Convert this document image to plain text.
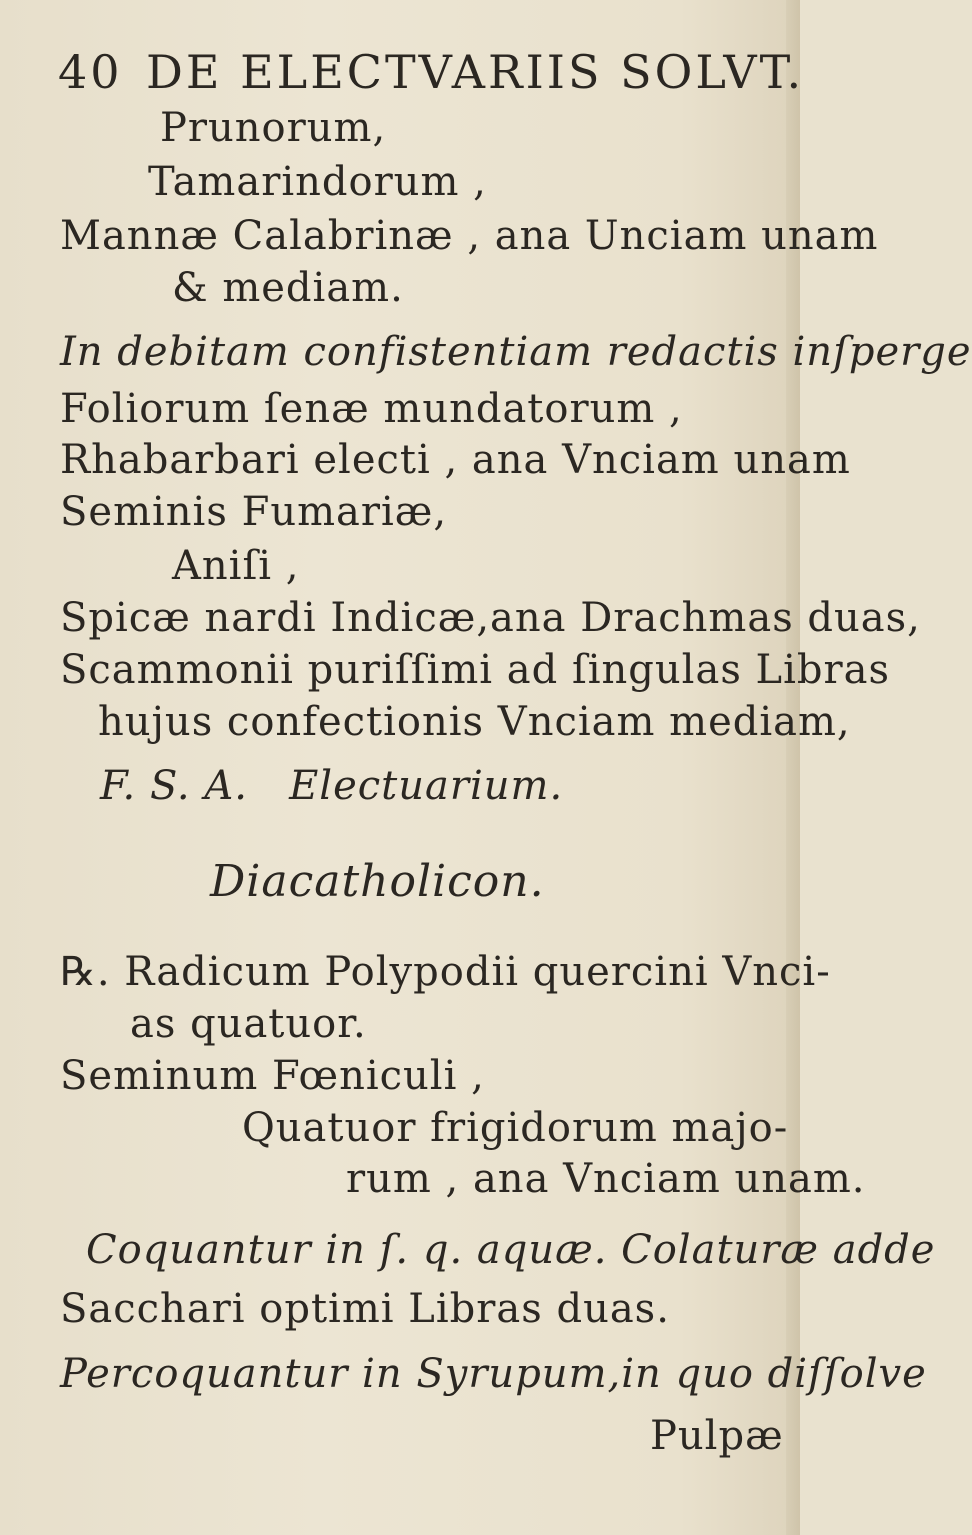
40 DE ELECTVARIIS SOLVT.
Prunorum,
Tamarindorum ,
Mannæ Calabrinæ , ana Unciam unam
& mediam.
In debitam confistentiam redactis inſperge
Foliorum ſenæ mundatorum ,
Rhabarbari electi , ana Vnciam unam
Seminis Fumariæ,
Aniſi ,
Spicæ nardi Indicæ,ana Drachmas duas,
Scammonii puriſſimi ad ſingulas Libras
hujus confectionis Vnciam mediam,
F. S. A.   Electuarium.
Diacatholicon.
℞. Radicum Polypodii quercini Vnci-
as quatuor.
Seminum Fœniculi ,
Quatuor frigidorum majo-
rum , ana Vnciam unam.
Coquantur in ſ. q. aquæ. Colaturæ adde
Sacchari optimi Libras duas.
Percoquantur in Syrupum,in quo diſſolve
Pulpæ
